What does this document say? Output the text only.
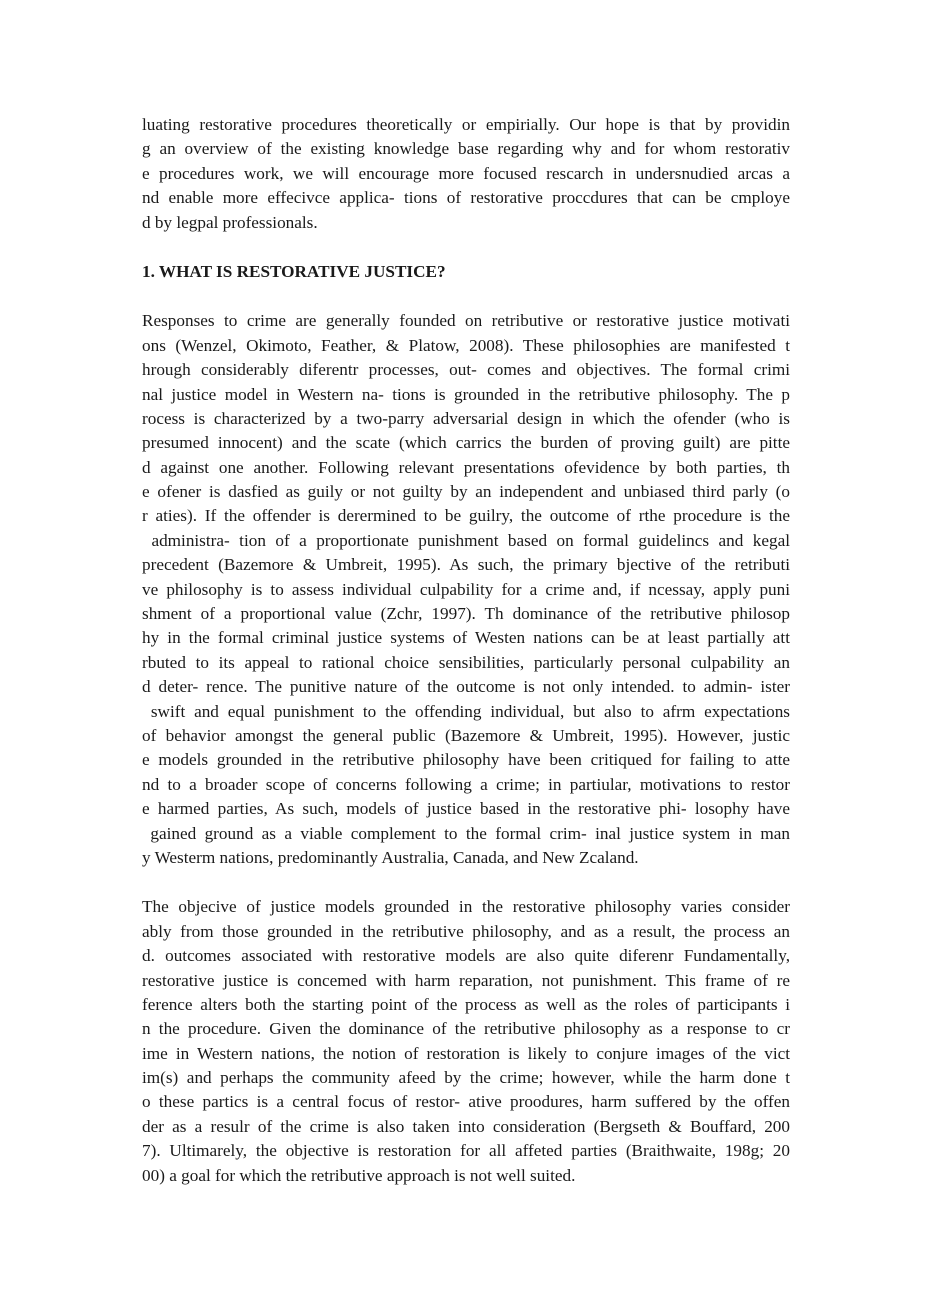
luating restorative procedures theoretically or empirially. Our hope is that by providin
g an overview of the existing knowledge base regarding why and for whom restorativ
e procedures work, we will encourage more focused rescarch in undersnudied arcas a
nd enable more effecivce applica- tions of restorative proccdures that can be cmploye
d by legpal professionals.
1. WHAT IS RESTORATIVE JUSTICE?
Responses to crime are generally founded on retributive or restorative justice motivati
ons (Wenzel, Okimoto, Feather, & Platow, 2008). These philosophies are manifested t
hrough considerably diferentr processes, out- comes and objectives. The formal crimi
nal justice model in Western na- tions is grounded in the retributive philosophy. The p
rocess is characterized by a two-parry adversarial design in which the ofender (who is
presumed innocent) and the scate (which carrics the burden of proving guilt) are pitte
d against one another. Following relevant presentations ofevidence by both parties, th
e ofener is dasfied as guily or not guilty by an independent and unbiased third parly (o
r aties). If the offender is derermined to be guilry, the outcome of rthe procedure is the
administra- tion of a proportionate punishment based on formal guidelincs and kegal
precedent (Bazemore & Umbreit, 1995). As such, the primary bjective of the retributi
ve philosophy is to assess individual culpability for a crime and, if ncessay, apply puni
shment of a proportional value (Zchr, 1997). Th dominance of the retributive philosop
hy in the formal criminal justice systems of Westen nations can be at least partially att
rbuted to its appeal to rational choice sensibilities, particularly personal culpability an
d deter- rence. The punitive nature of the outcome is not only intended. to admin- ister
swift and equal punishment to the offending individual, but also to afrm expectations
of behavior amongst the general public (Bazemore & Umbreit, 1995). However, justic
e models grounded in the retributive philosophy have been critiqued for failing to atte
nd to a broader scope of concerns following a crime; in partiular, motivations to restor
e harmed parties, As such, models of justice based in the restorative phi- losophy have
gained ground as a viable complement to the formal crim- inal justice system in man
y Westerm nations, predominantly Australia, Canada, and New Zcaland.
The objecive of justice models grounded in the restorative philosophy varies consider
ably from those grounded in the retributive philosophy, and as a result, the process an
d. outcomes associated with restorative models are also quite diferenr Fundamentally,
restorative justice is concemed with harm reparation, not punishment. This frame of re
ference alters both the starting point of the process as well as the roles of participants i
n the procedure. Given the dominance of the retributive philosophy as a response to cr
ime in Western nations, the notion of restoration is likely to conjure images of the vict
im(s) and perhaps the community afeed by the crime; however, while the harm done t
o these partics is a central focus of restor- ative proodures, harm suffered by the offen
der as a resulr of the crime is also taken into consideration (Bergseth & Bouffard, 200
7). Ultimarely, the objective is restoration for all affeted parties (Braithwaite, 198g; 20
00) a goal for which the retributive approach is not well suited.
